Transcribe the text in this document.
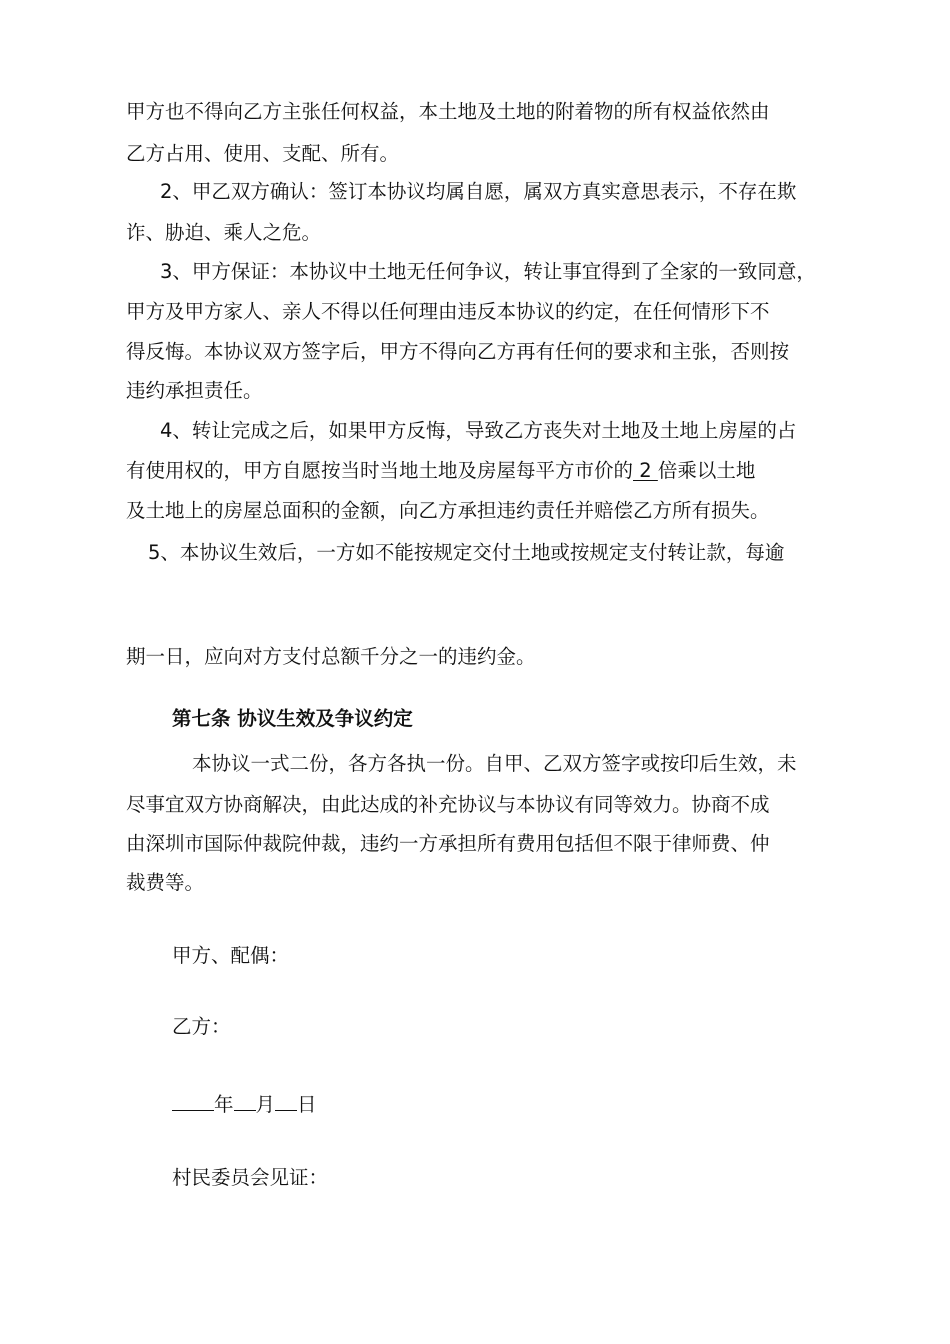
甲方也不得向乙方主张任何权益，本土地及土地的附着物的所有权益依然由
乙方占用、使用、支配、所有。
2、甲乙双方确认：签订本协议均属自愿，属双方真实意思表示，不存在欺
诈、胁迫、乘人之危。
3、甲方保证：本协议中土地无任何争议，转让事宜得到了全家的一致同意，
甲方及甲方家人、亲人不得以任何理由违反本协议的约定，在任何情形下不
得反悔。本协议双方签字后，甲方不得向乙方再有任何的要求和主张，否则按
违约承担责任。
4、转让完成之后，如果甲方反悔，导致乙方丧失对土地及土地上房屋的占
有使用权的，甲方自愿按当时当地土地及房屋每平方市价的 2 倍乘以土地
及土地上的房屋总面积的金额，向乙方承担违约责任并赔偿乙方所有损失。
5、本协议生效后，一方如不能按规定交付土地或按规定支付转让款，每逾
期一日，应向对方支付总额千分之一的违约金。
第七条 协议生效及争议约定
本协议一式二份，各方各执一份。自甲、乙双方签字或按印后生效，未
尽事宜双方协商解决，由此达成的补充协议与本协议有同等效力。协商不成
由深圳市国际仲裁院仲裁，违约一方承担所有费用包括但不限于律师费、仲
裁费等。
甲方、配偶：
乙方：
年 月 日
村民委员会见证：
